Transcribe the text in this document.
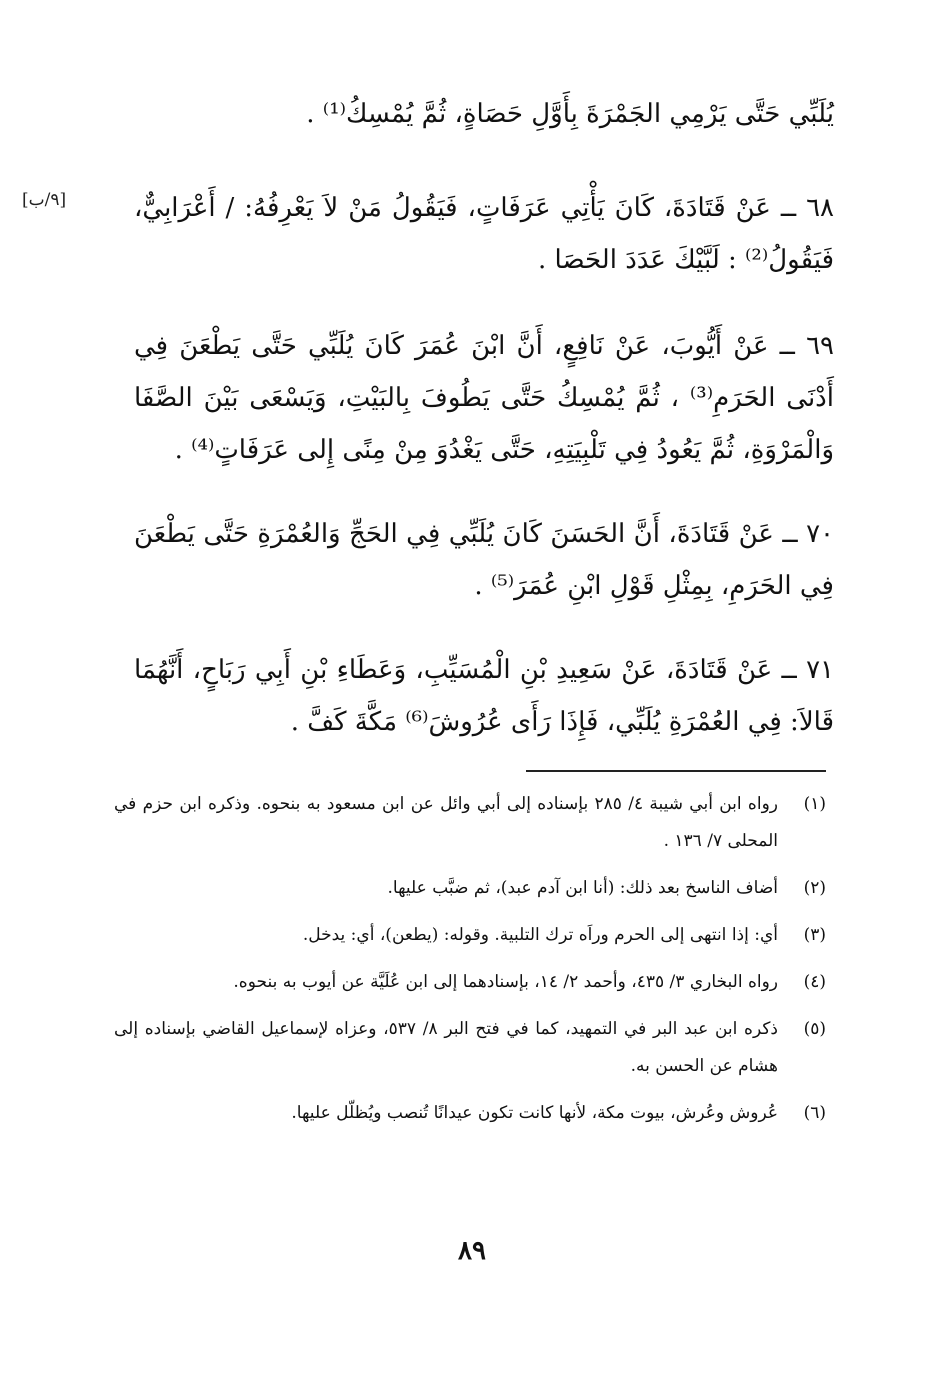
يُلَبِّي حَتَّى يَرْمِي الجَمْرَةَ بِأَوَّلِ حَصَاةٍ، ثُمَّ يُمْسِكُ⁽¹⁾ .
[٩/ب]	٦٨ ــ عَنْ قَتَادَةَ، كَانَ يَأْتِي عَرَفَاتٍ، فَيَقُولُ مَنْ لاَ يَعْرِفُهُ: / أَعْرَابِيٌّ، فَيَقُولُ⁽²⁾ : لَبَّيْكَ عَدَدَ الحَصَا .
٦٩ ــ عَنْ أَيُّوبَ، عَنْ نَافِعٍ، أَنَّ ابْنَ عُمَرَ كَانَ يُلَبِّي حَتَّى يَطْعَنَ فِي أَدْنَى الحَرَمِ⁽³⁾ ، ثُمَّ يُمْسِكُ حَتَّى يَطُوفَ بِالبَيْتِ، وَيَسْعَى بَيْنَ الصَّفَا وَالْمَرْوَةِ، ثُمَّ يَعُودُ فِي تَلْبِيَتِهِ، حَتَّى يَغْدُوَ مِنْ مِنًى إِلى عَرَفَاتٍ⁽⁴⁾ .
٧٠ ــ عَنْ قَتَادَةَ، أَنَّ الحَسَنَ كَانَ يُلَبِّي فِي الحَجِّ وَالعُمْرَةِ حَتَّى يَطْعَنَ فِي الحَرَمِ، بِمِثْلِ قَوْلِ ابْنِ عُمَرَ⁽⁵⁾ .
٧١ ــ عَنْ قَتَادَةَ، عَنْ سَعِيدِ بْنِ الْمُسَيِّبِ، وَعَطَاءِ بْنِ أَبِي رَبَاحٍ، أَنَّهُمَا قَالاَ: فِي العُمْرَةِ يُلَبِّي، فَإِذَا رَأَى عُرُوشَ⁽⁶⁾ مَكَّةَ كَفَّ .
(١)
رواه ابن أبي شيبة ٤/ ٢٨٥ بإسناده إلى أبي وائل عن ابن مسعود به بنحوه. وذكره ابن حزم في المحلى ٧/ ١٣٦ .
(٢)
أضاف الناسخ بعد ذلك: (أنا ابن آدم عبد)، ثم ضبَّب عليها.
(٣)
أي: إذا انتهى إلى الحرم وراَه ترك التلبية. وقوله: (يطعن)، أي: يدخل.
(٤)
رواه البخاري ٣/ ٤٣٥، وأحمد ٢/ ١٤، بإسنادهما إلى ابن عُلَيَّة عن أيوب به بنحوه.
(٥)
ذكره ابن عبد البر في التمهيد، كما في فتح البر ٨/ ٥٣٧، وعزاه لإسماعيل القاضي بإسناده إلى هشام عن الحسن به.
(٦)
عُروش وعُرش، بيوت مكة، لأنها كانت تكون عيدانًا تُنصب ويُظلّل عليها.
٨٩
